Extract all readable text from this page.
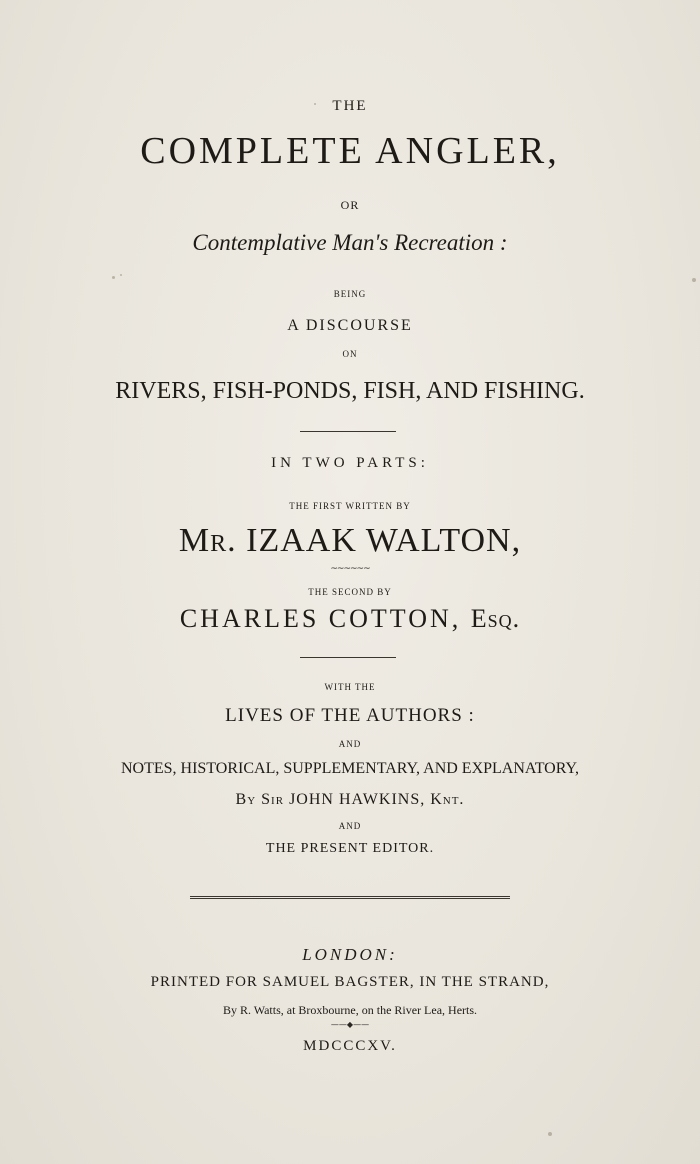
THE
COMPLETE ANGLER,
OR
Contemplative Man's Recreation :
BEING
A DISCOURSE
ON
RIVERS, FISH-PONDS, FISH, AND FISHING.
IN TWO PARTS:
THE FIRST WRITTEN BY
Mr. IZAAK WALTON,
~~~~~~
THE SECOND BY
CHARLES COTTON, Esq.
WITH THE
LIVES OF THE AUTHORS :
AND
NOTES, HISTORICAL, SUPPLEMENTARY, AND EXPLANATORY,
By Sir JOHN HAWKINS, Knt.
AND
THE PRESENT EDITOR.
LONDON:
PRINTED FOR SAMUEL BAGSTER, IN THE STRAND,
By R. Watts, at Broxbourne, on the River Lea, Herts.
——◆——
MDCCCXV.
